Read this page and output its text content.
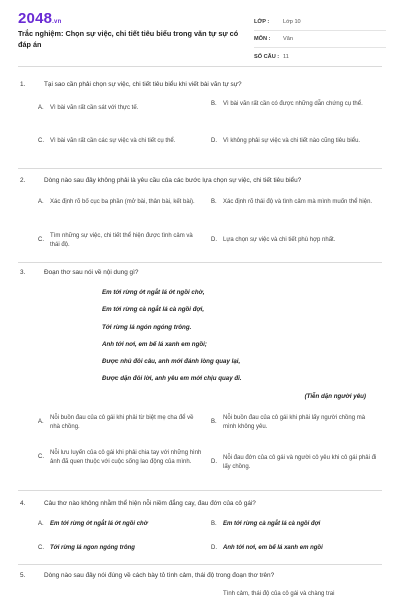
2048.vn
Trắc nghiệm: Chọn sự việc, chi tiết tiêu biểu trong văn tự sự có đáp án
LỚP :	Lớp 10
MÔN :	Văn
SỐ CÂU : 11
1.	Tại sao cần phải chọn sự việc, chi tiết tiêu biểu khi viết bài văn tự sự?
A.	Vì bài văn rất cần sát với thực tế.
B.	Vì bài văn rất cần có được những dẫn chứng cụ thể.
C.	Vì bài văn rất cần các sự việc và chi tiết cụ thể.	D.	Vì không phải sự việc và chi tiết nào cũng tiêu biểu.
2.	Dòng nào sau đây không phải là yêu cầu của các bước lựa chọn sự việc, chi tiết tiêu biểu?
A.	Xác định rõ bố cục ba phần (mở bài, thân bài, kết bài).	B.	Xác định rõ thái độ và tình cảm mà mình muốn thể hiện.
C.
Tìm những sự việc, chi tiết thể hiện được tình cảm và thái độ.
D.	Lựa chọn sự việc và chi tiết phù hợp nhất.
3.	Đoạn thơ sau nói về nội dung gì?
Em tới rừng ớt ngắt lá ớt ngồi chờ,
Em tới rừng cà ngắt lá cà ngồi đợi,
Tới rừng lá ngón ngóng trông.
Anh tới nơi, em bế lá xanh em ngồi;
Được nhủ đôi câu, anh mới đánh lòng quay lại,
Được dặn đôi lời, anh yêu em mới chịu quay đi.
(Tiễn dặn người yêu)
A.
Nỗi buồn đau của cô gái khi phải từ biệt mẹ cha để về nhà chồng.
B.
Nỗi buồn đau của cô gái khi phải lấy người chồng mà mình không yêu.
C.
Nỗi lưu luyến của cô gái khi phải chia tay với những hình ảnh đã quen thuộc với cuộc sống lao động của mình.	D.
Nỗi đau đớn của cô gái và người cô yêu khi cô gái phải đi lấy chồng.
4.	Câu thơ nào không nhằm thể hiện nỗi niềm đắng cay, đau đớn của cô gái?
A.	Em tới rừng ớt ngắt lá ớt ngồi chờ	B.	Em tới rừng cà ngắt lá cà ngồi đợi
C.	Tới rừng lá ngon ngóng trông	D.	Anh tới nơi, em bế lá xanh em ngồi
5.	Dòng nào sau đây nói đúng về cách bày tỏ tình cảm, thái độ trong đoạn thơ trên?
Tình cảm, thái độ của cô gái và chàng trai
